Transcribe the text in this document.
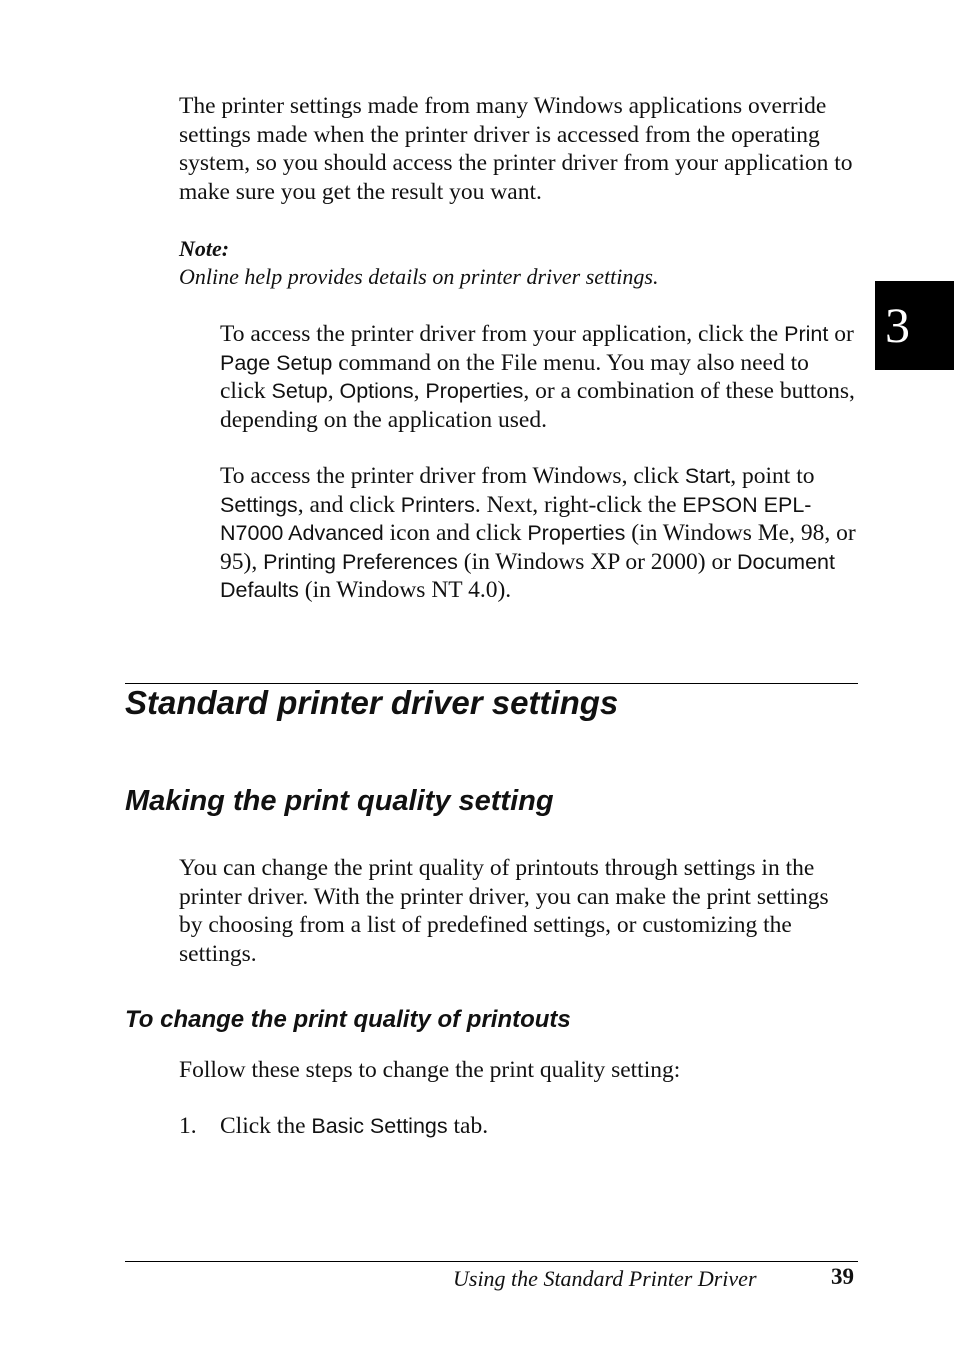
The printer settings made from many Windows applications override settings made when the printer driver is accessed from the operating system, so you should access the printer driver from your application to make sure you get the result you want.

Note:
Online help provides details on printer driver settings.

To access the printer driver from your application, click the Print or Page Setup command on the File menu. You may also need to click Setup, Options, Properties, or a combination of these buttons, depending on the application used.

To access the printer driver from Windows, click Start, point to Settings, and click Printers. Next, right-click the EPSON EPL-N7000 Advanced icon and click Properties (in Windows Me, 98, or 95), Printing Preferences (in Windows XP or 2000) or Document Defaults (in Windows NT 4.0).

3
Standard printer driver settings
Making the print quality setting

You can change the print quality of printouts through settings in the printer driver. With the printer driver, you can make the print settings by choosing from a list of predefined settings, or customizing the settings.

To change the print quality of printouts

Follow these steps to change the print quality setting:

1. Click the Basic Settings tab.

Using the Standard Printer Driver	39
